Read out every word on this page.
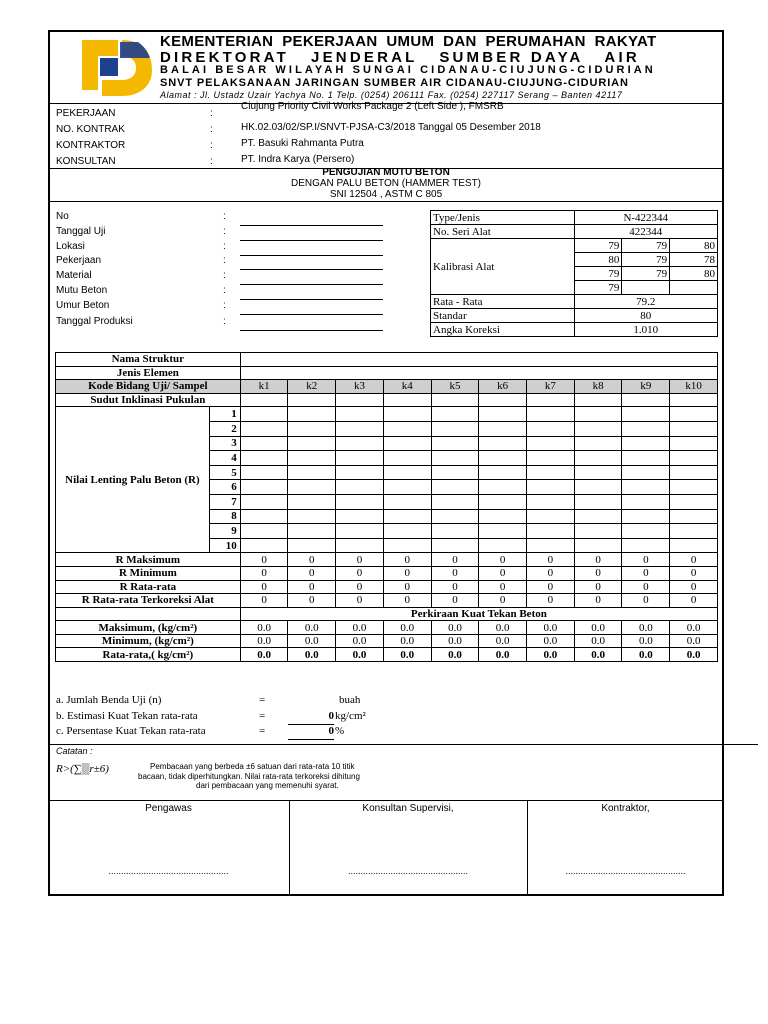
KEMENTERIAN  PEKERJAAN  UMUM  DAN  PERUMAHAN  RAKYAT
DIREKTORAT   JENDERAL   SUMBER DAYA   AIR
BALAI BESAR WILAYAH SUNGAI CIDANAU-CIUJUNG-CIDURIAN
SNVT PELAKSANAAN JARINGAN SUMBER AIR CIDANAU-CIUJUNG-CIDURIAN
Alamat : Jl. Ustadz Uzair Yachya No. 1 Telp. (0254) 206111 Fax. (0254) 227117 Serang – Banten 42117
PEKERJAAN	:
Ciujung Priority Civil Works Package 2 (Left Side ), FMSRB
NO. KONTRAK	:	HK.02.03/02/SP.I/SNVT-PJSA-C3/2018 Tanggal 05 Desember 2018
KONTRAKTOR	:	PT. Basuki Rahmanta Putra
KONSULTAN	:	PT. Indra Karya (Persero)
PENGUJIAN MUTU BETON
DENGAN PALU BETON (HAMMER TEST)
SNI 12504 , ASTM C 805
No	:
Tanggal Uji	:
Lokasi	:
Pekerjaan	:
Material	:
Mutu Beton	:
Umur Beton	:
Tanggal Produksi	:
Type/Jenis	N-422344		
No. Seri Alat	422344		
Kalibrasi Alat	79	79	80
	80	79	78
	79	79	80
	79		
Rata - Rata	79.2		
Standar	80		
Angka Koreksi	1.010		
Nama Struktur											
Jenis Elemen											
Kode Bidang Uji/ Sampel		k1	k2	k3	k4	k5	k6	k7	k8	k9	k10
Sudut Inklinasi Pukulan											
Nilai Lenting Palu Beton (R)	1										
	2										
	3										
	4										
	5										
	6										
	7										
	8										
	9										
	10										
R Maksimum		0	0	0	0	0	0	0	0	0	0
R Minimum		0	0	0	0	0	0	0	0	0	0
R Rata-rata		0	0	0	0	0	0	0	0	0	0
R Rata-rata Terkoreksi Alat		0	0	0	0	0	0	0	0	0	0
		Perkiraan Kuat Tekan Beton									
Maksimum, (kg/cm²)		0.0	0.0	0.0	0.0	0.0	0.0	0.0	0.0	0.0	0.0
Minimum, (kg/cm²)		0.0	0.0	0.0	0.0	0.0	0.0	0.0	0.0	0.0	0.0
Rata-rata,( kg/cm²)		0.0	0.0	0.0	0.0	0.0	0.0	0.0	0.0	0.0	0.0
a. Jumlah Benda Uji (n)	=	buah
b. Estimasi Kuat Tekan rata-rata	=	0 kg/cm²
c. Persentase Kuat Tekan rata-rata	=	0 %
Catatan :
R>(∑▒r±6)	Pembacaan yang berbeda ±6 satuan dari rata-rata 10 titik
bacaan, tidak diperhitungkan. Nilai rata-rata terkoreksi dihitung
dari pembacaan yang memenuhi syarat.
Pengawas
................................................
Konsultan Supervisi,
................................................
Kontraktor,
................................................
